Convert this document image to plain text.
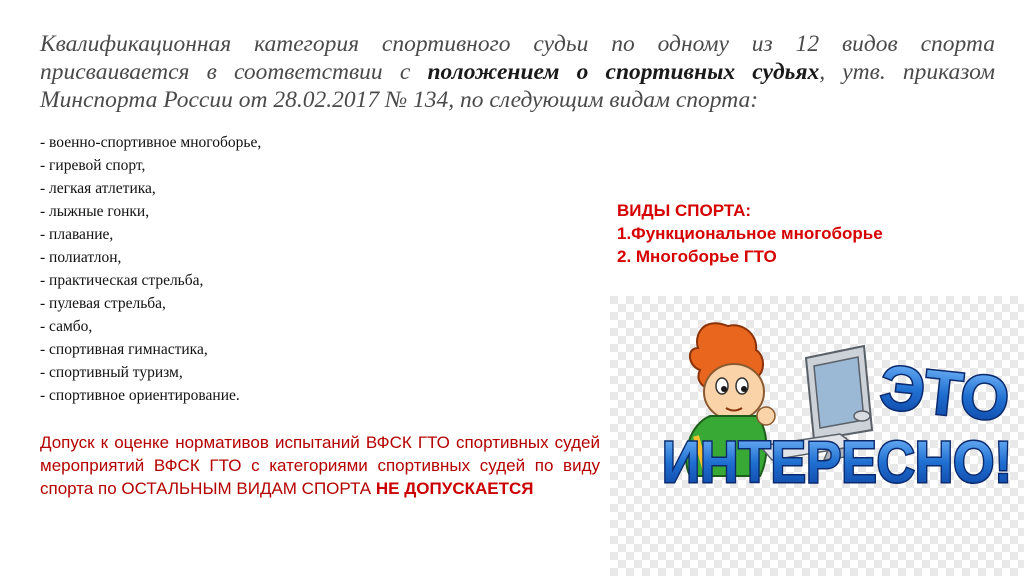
Квалификационная категория спортивного судьи по одному из 12 видов спорта присваивается в соответствии с положением о спортивных судьях, утв. приказом Минспорта России от 28.02.2017 № 134, по следующим видам спорта:
- военно-спортивное многоборье,
- гиревой спорт,
- легкая атлетика,
- лыжные гонки,
- плавание,
- полиатлон,
- практическая стрельба,
- пулевая стрельба,
- самбо,
- спортивная гимнастика,
- спортивный туризм,
- спортивное ориентирование.
Допуск к оценке нормативов испытаний ВФСК ГТО спортивных судей мероприятий ВФСК ГТО с категориями спортивных судей по виду спорта по ОСТАЛЬНЫМ ВИДАМ СПОРТА НЕ ДОПУСКАЕТСЯ
ВИДЫ СПОРТА:
1.Функциональное многоборье
2. Многоборье ГТО
ЭТО
ИНТЕРЕСНО!
